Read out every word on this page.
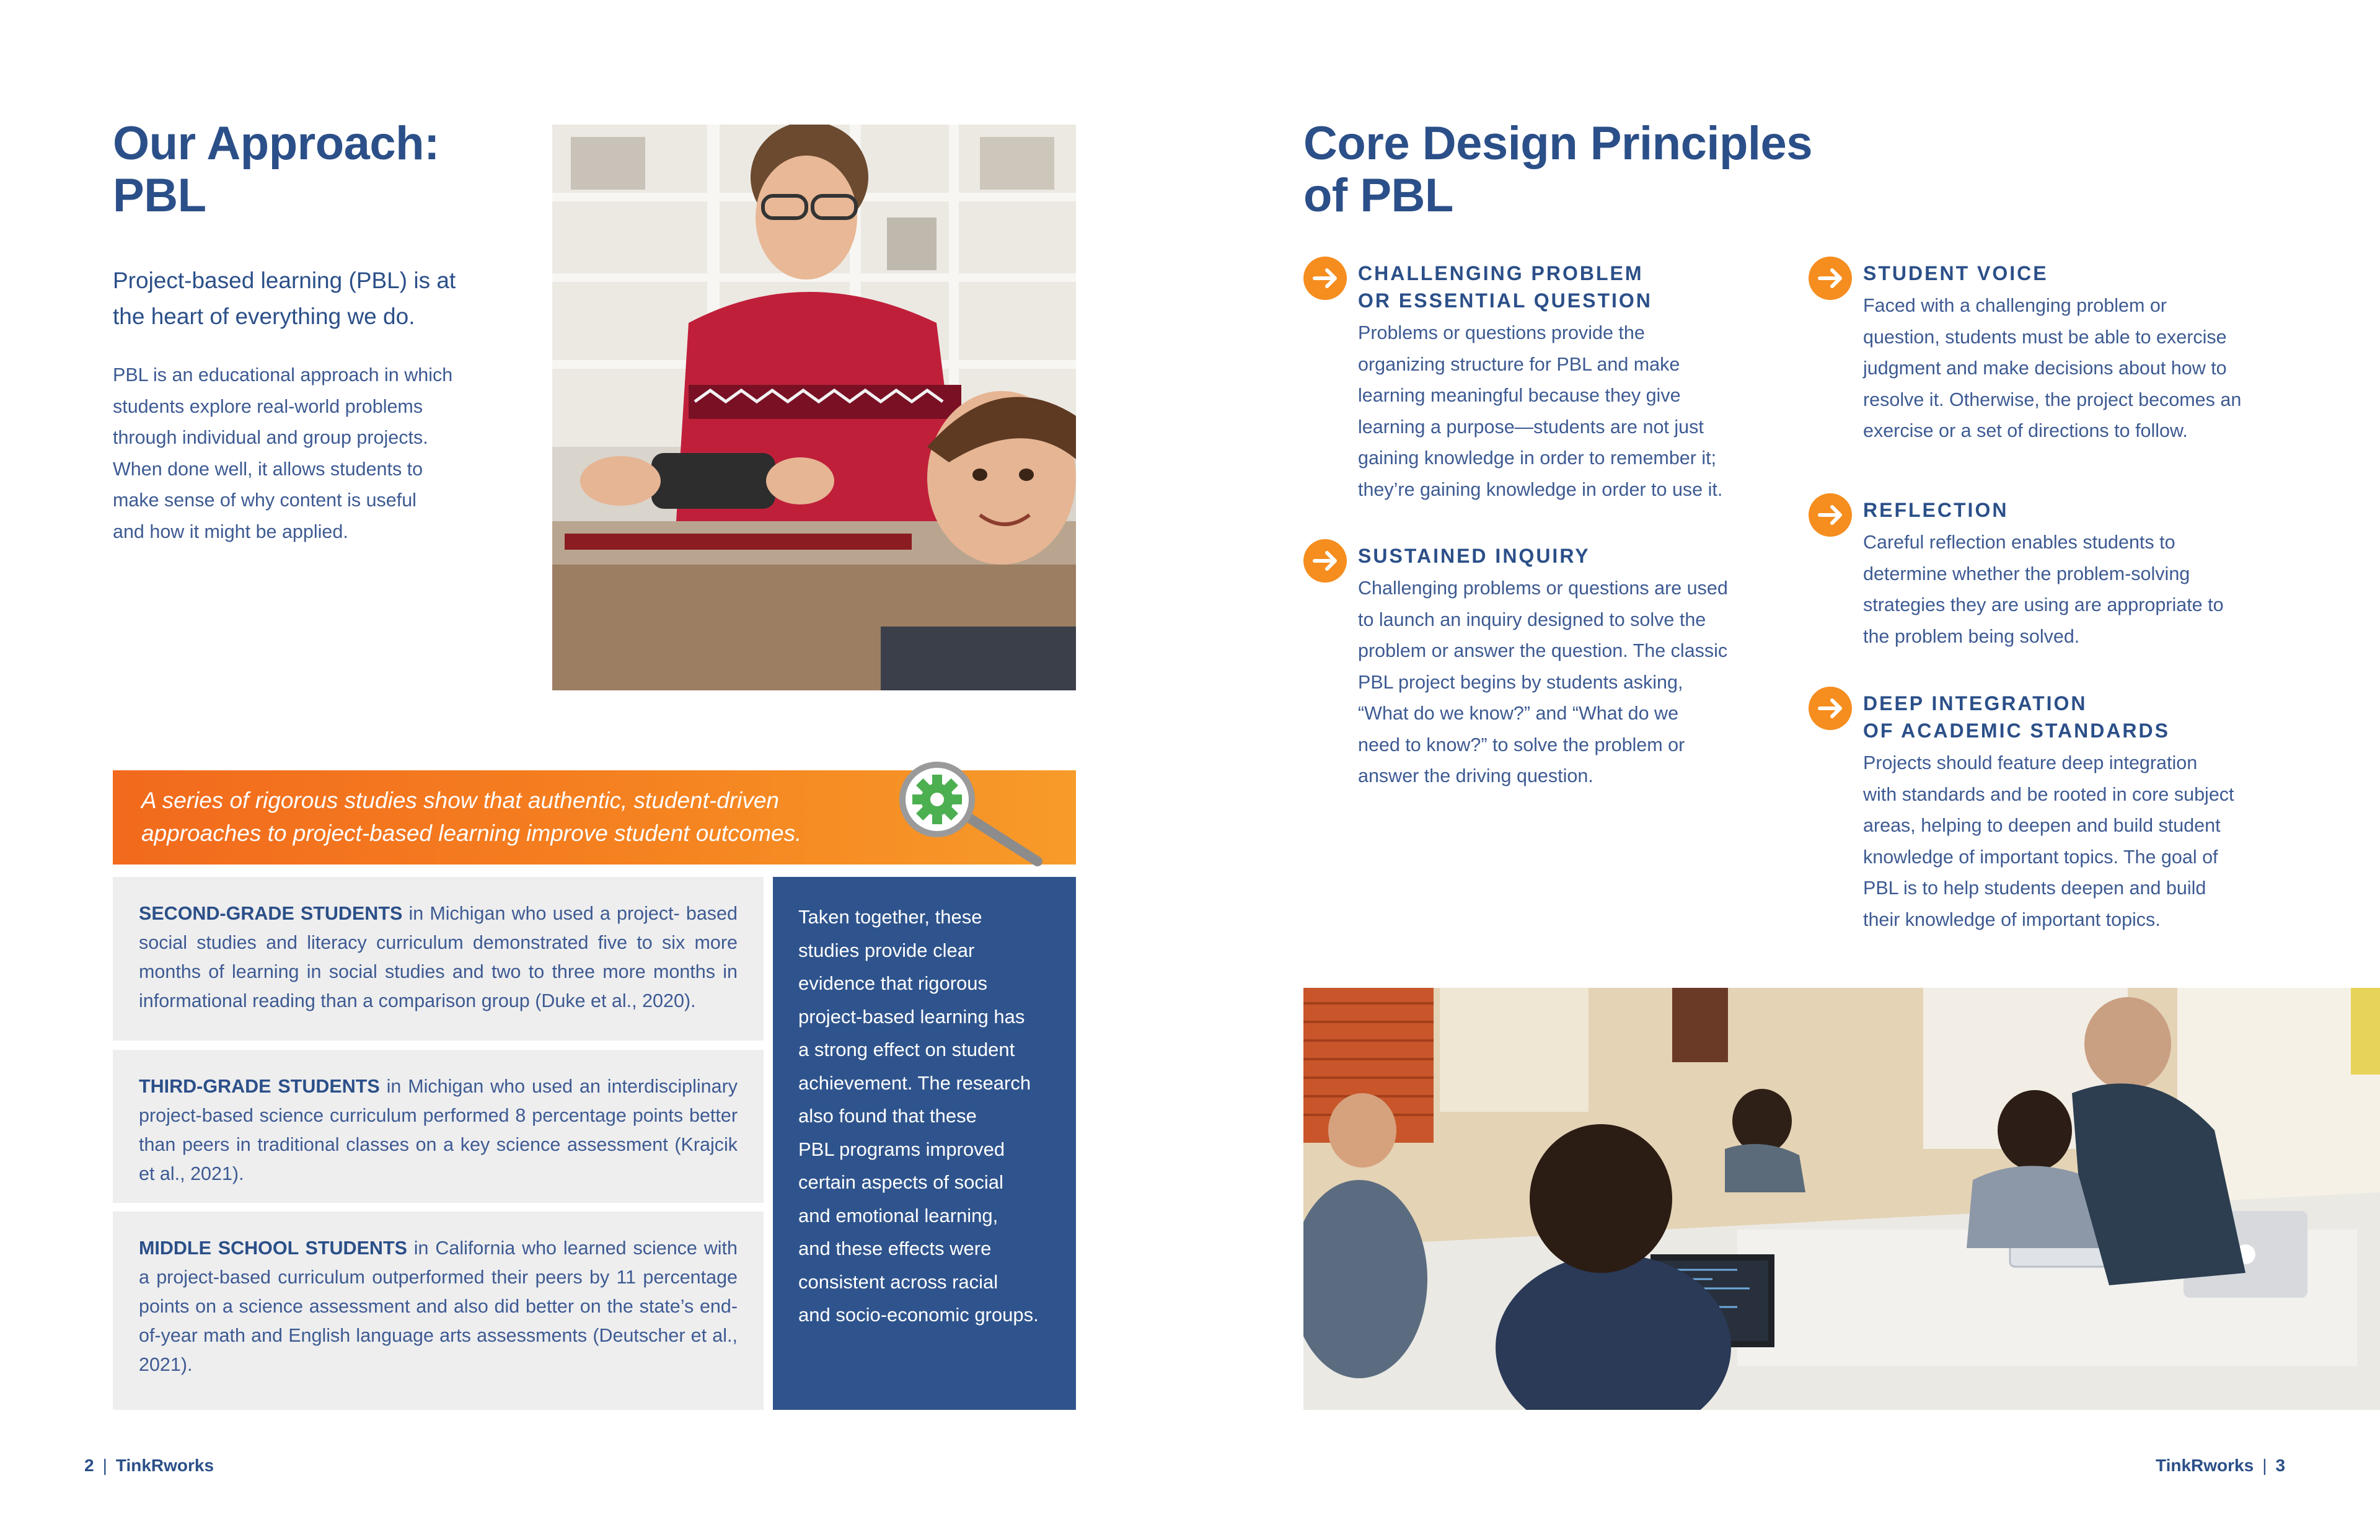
Our Approach:
PBL
Project-based learning (PBL) is at
the heart of everything we do.
PBL is an educational approach in which
students explore real-world problems
through individual and group projects.
When done well, it allows students to
make sense of why content is useful
and how it might be applied.
A series of rigorous studies show that authentic, student-driven
approaches to project-based learning improve student outcomes.
SECOND-GRADE STUDENTS in Michigan who used a project- based social studies and literacy curriculum demonstrated five to six more months of learning in social studies and two to three more months in informational reading than a comparison group (Duke et al., 2020).
THIRD-GRADE STUDENTS in Michigan who used an interdisciplinary project-based science curriculum performed 8 percentage points better than peers in traditional classes on a key science assessment (Krajcik et al., 2021).
MIDDLE SCHOOL STUDENTS in California who learned science with a project-based curriculum outperformed their peers by 11 percentage points on a science assessment and also did better on the state’s end-of-year math and English language arts assessments (Deutscher et al., 2021).
Taken together, these
studies provide clear
evidence that rigorous
project-based learning has
a strong effect on student
achievement. The research
also found that these
PBL programs improved
certain aspects of social
and emotional learning,
and these effects were
consistent across racial
and socio-economic groups.
Core Design Principles
of PBL
CHALLENGING PROBLEM
OR ESSENTIAL QUESTION
Problems or questions provide the
organizing structure for PBL and make
learning meaningful because they give
learning a purpose—students are not just
gaining knowledge in order to remember it;
they’re gaining knowledge in order to use it.
SUSTAINED INQUIRY
Challenging problems or questions are used
to launch an inquiry designed to solve the
problem or answer the question. The classic
PBL project begins by students asking,
“What do we know?” and “What do we
need to know?” to solve the problem or
answer the driving question.
STUDENT VOICE
Faced with a challenging problem or
question, students must be able to exercise
judgment and make decisions about how to
resolve it. Otherwise, the project becomes an
exercise or a set of directions to follow.
REFLECTION
Careful reflection enables students to
determine whether the problem-solving
strategies they are using are appropriate to
the problem being solved.
DEEP INTEGRATION
OF ACADEMIC STANDARDS
Projects should feature deep integration
with standards and be rooted in core subject
areas, helping to deepen and build student
knowledge of important topics. The goal of
PBL is to help students deepen and build
their knowledge of important topics.
2 | TinkRworks	TinkRworks | 3
